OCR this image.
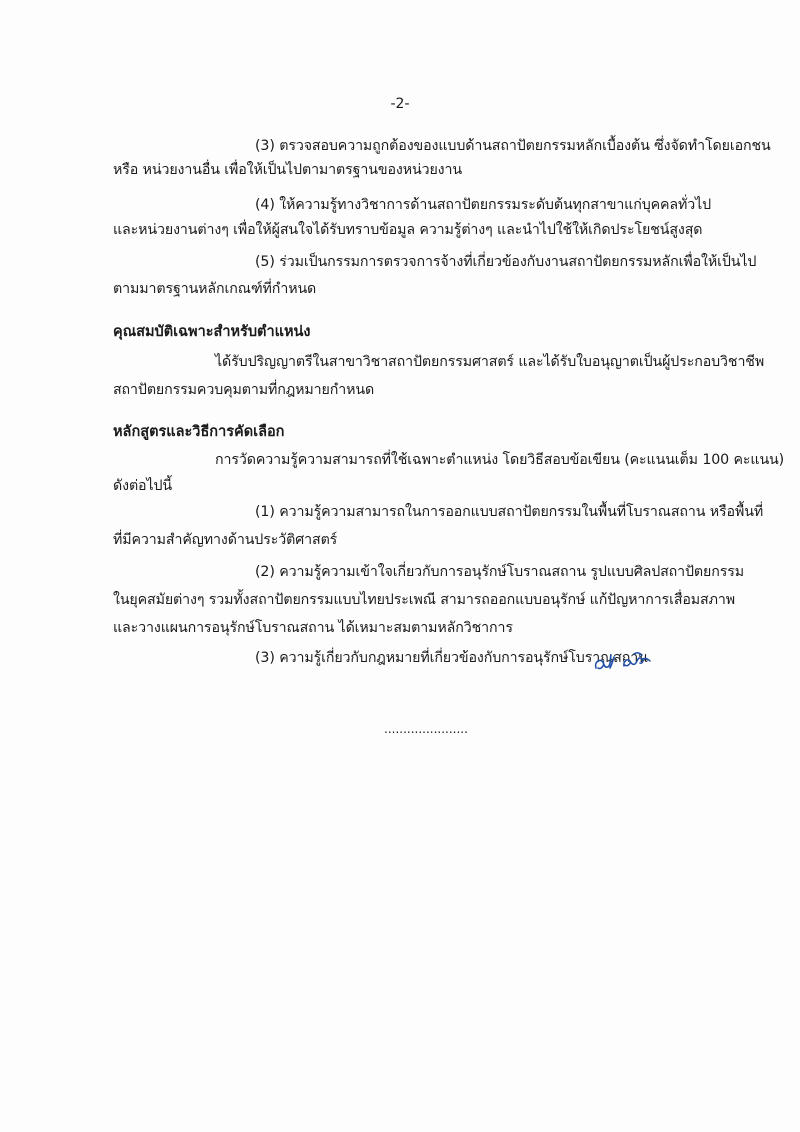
-2-
(3) ตรวจสอบความถูกต้องของแบบด้านสถาปัตยกรรมหลักเบื้องต้น ซึ่งจัดทำโดยเอกชน
หรือ หน่วยงานอื่น เพื่อให้เป็นไปตามาตรฐานของหน่วยงาน
(4) ให้ความรู้ทางวิชาการด้านสถาปัตยกรรมระดับต้นทุกสาขาแก่บุคคลทั่วไป
และหน่วยงานต่างๆ เพื่อให้ผู้สนใจได้รับทราบข้อมูล ความรู้ต่างๆ และนำไปใช้ให้เกิดประโยชน์สูงสุด
(5) ร่วมเป็นกรรมการตรวจการจ้างที่เกี่ยวข้องกับงานสถาปัตยกรรมหลักเพื่อให้เป็นไป
ตามมาตรฐานหลักเกณฑ์ที่กำหนด
คุณสมบัติเฉพาะสำหรับตำแหน่ง
ได้รับปริญญาตรีในสาขาวิชาสถาปัตยกรรมศาสตร์ และได้รับใบอนุญาตเป็นผู้ประกอบวิชาชีพ
สถาปัตยกรรมควบคุมตามที่กฎหมายกำหนด
หลักสูตรและวิธีการคัดเลือก
การวัดความรู้ความสามารถที่ใช้เฉพาะตำแหน่ง โดยวิธีสอบข้อเขียน (คะแนนเต็ม 100 คะแนน)
ดังต่อไปนี้
(1) ความรู้ความสามารถในการออกแบบสถาปัตยกรรมในพื้นที่โบราณสถาน หรือพื้นที่
ที่มีความสำคัญทางด้านประวัติศาสตร์
(2) ความรู้ความเข้าใจเกี่ยวกับการอนุรักษ์โบราณสถาน รูปแบบศิลปสถาปัตยกรรม
ในยุคสมัยต่างๆ รวมทั้งสถาปัตยกรรมแบบไทยประเพณี สามารถออกแบบอนุรักษ์ แก้ปัญหาการเสื่อมสภาพ
และวางแผนการอนุรักษ์โบราณสถาน ได้เหมาะสมตามหลักวิชาการ
(3) ความรู้เกี่ยวกับกฎหมายที่เกี่ยวข้องกับการอนุรักษ์โบราณสถาน
......................
